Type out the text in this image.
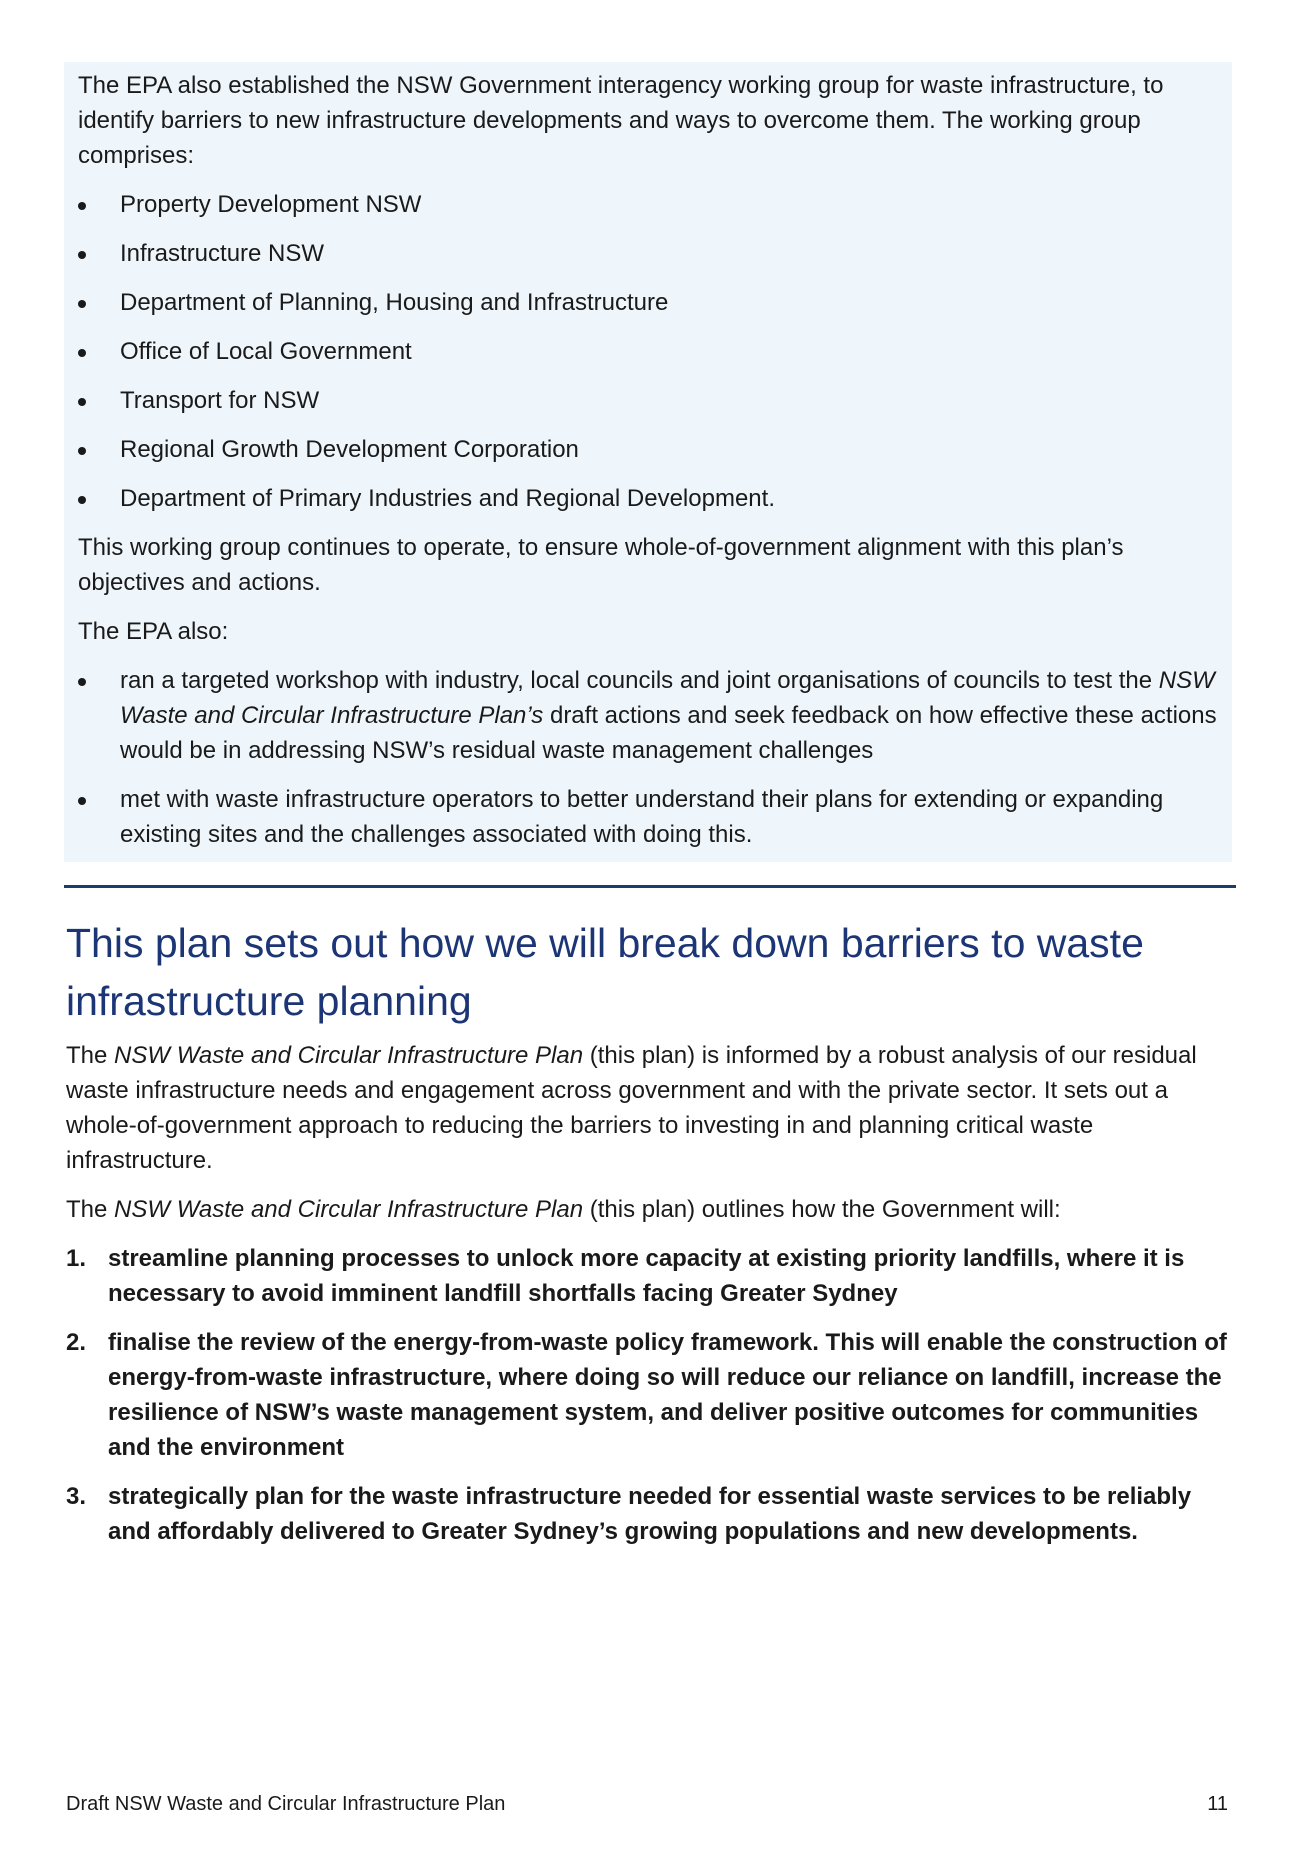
The EPA also established the NSW Government interagency working group for waste infrastructure, to identify barriers to new infrastructure developments and ways to overcome them. The working group comprises:

Property Development NSW
Infrastructure NSW
Department of Planning, Housing and Infrastructure
Office of Local Government
Transport for NSW
Regional Growth Development Corporation
Department of Primary Industries and Regional Development.

This working group continues to operate, to ensure whole-of-government alignment with this plan’s objectives and actions.

The EPA also:

ran a targeted workshop with industry, local councils and joint organisations of councils to test the NSW Waste and Circular Infrastructure Plan’s draft actions and seek feedback on how effective these actions would be in addressing NSW’s residual waste management challenges
met with waste infrastructure operators to better understand their plans for extending or expanding existing sites and the challenges associated with doing this.
This plan sets out how we will break down barriers to waste infrastructure planning

The NSW Waste and Circular Infrastructure Plan (this plan) is informed by a robust analysis of our residual waste infrastructure needs and engagement across government and with the private sector. It sets out a whole-of-government approach to reducing the barriers to investing in and planning critical waste infrastructure.

The NSW Waste and Circular Infrastructure Plan (this plan) outlines how the Government will:

1. streamline planning processes to unlock more capacity at existing priority landfills, where it is necessary to avoid imminent landfill shortfalls facing Greater Sydney
2. finalise the review of the energy-from-waste policy framework. This will enable the construction of energy-from-waste infrastructure, where doing so will reduce our reliance on landfill, increase the resilience of NSW’s waste management system, and deliver positive outcomes for communities and the environment
3. strategically plan for the waste infrastructure needed for essential waste services to be reliably and affordably delivered to Greater Sydney’s growing populations and new developments.
Draft NSW Waste and Circular Infrastructure Plan	11
